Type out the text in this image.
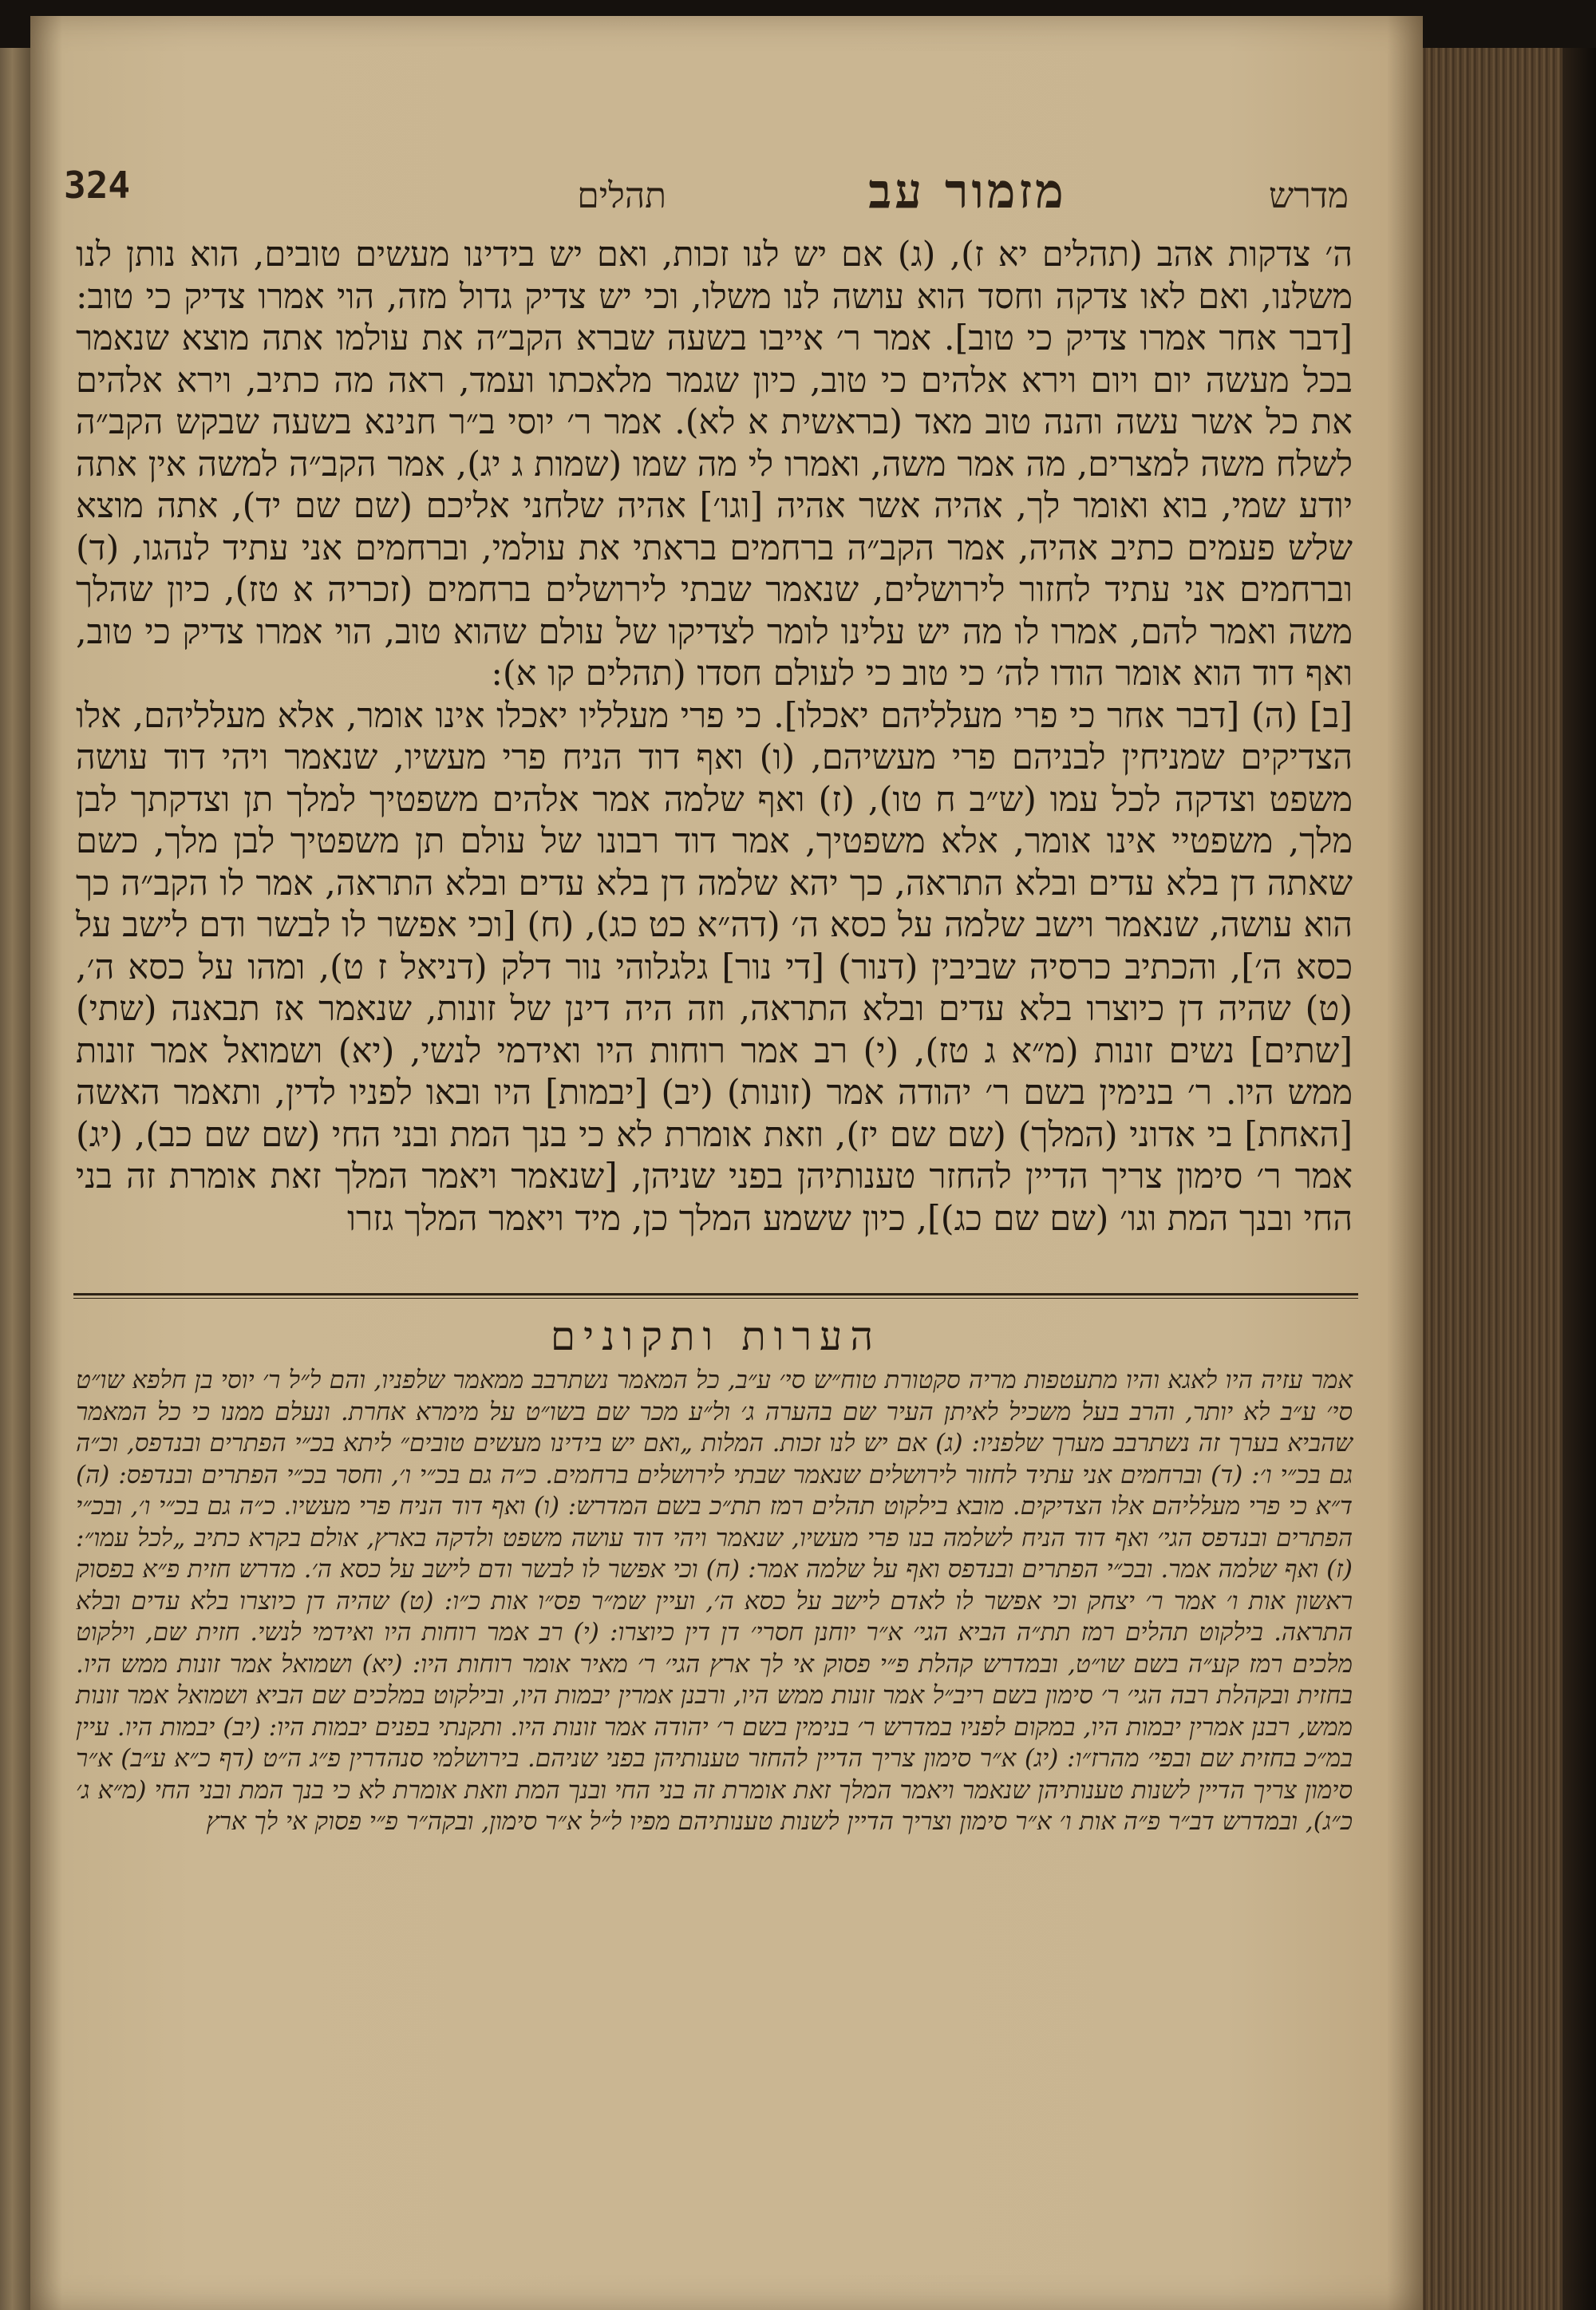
324	מדרש
מזמור עב
תהלים

ה׳ צדקות אהב (תהלים יא ז), (ג) אם יש לנו זכות, ואם יש בידינו מעשים טובים, הוא נותן לנו משלנו, ואם לאו צדקה וחסד הוא עושה לנו משלו, וכי יש צדיק גדול מזה, הוי אמרו צדיק כי טוב: [דבר אחר אמרו צדיק כי טוב]. אמר ר׳ אייבו בשעה שברא הקב״ה את עולמו אתה מוצא שנאמר בכל מעשה יום ויום וירא אלהים כי טוב, כיון שגמר מלאכתו ועמד, ראה מה כתיב, וירא אלהים את כל אשר עשה והנה טוב מאד (בראשית א לא). אמר ר׳ יוסי ב״ר חנינא בשעה שבקש הקב״ה לשלח משה למצרים, מה אמר משה, ואמרו לי מה שמו (שמות ג יג), אמר הקב״ה למשה אין אתה יודע שמי, בוא ואומר לך, אהיה אשר אהיה [וגו׳] אהיה שלחני אליכם (שם שם יד), אתה מוצא שלש פעמים כתיב אהיה, אמר הקב״ה ברחמים בראתי את עולמי, וברחמים אני עתיד לנהגו, (ד) וברחמים אני עתיד לחזור לירושלים, שנאמר שבתי לירושלים ברחמים (זכריה א טז), כיון שהלך משה ואמר להם, אמרו לו מה יש עלינו לומר לצדיקו של עולם שהוא טוב, הוי אמרו צדיק כי טוב, ואף דוד הוא אומר הודו לה׳ כי טוב כי לעולם חסדו (תהלים קו א):

[ב] (ה) [דבר אחר כי פרי מעלליהם יאכלו]. כי פרי מעלליו יאכלו אינו אומר, אלא מעלליהם, אלו הצדיקים שמניחין לבניהם פרי מעשיהם, (ו) ואף דוד הניח פרי מעשיו, שנאמר ויהי דוד עושה משפט וצדקה לכל עמו (ש״ב ח טו), (ז) ואף שלמה אמר אלהים משפטיך למלך תן וצדקתך לבן מלך, משפטיי אינו אומר, אלא משפטיך, אמר דוד רבונו של עולם תן משפטיך לבן מלך, כשם שאתה דן בלא עדים ובלא התראה, כך יהא שלמה דן בלא עדים ובלא התראה, אמר לו הקב״ה כך הוא עושה, שנאמר וישב שלמה על כסא ה׳ (דה״א כט כג), (ח) [וכי אפשר לו לבשר ודם לישב על כסא ה׳], והכתיב כרסיה שביבין (דנור) [די נור] גלגלוהי נור דלק (דניאל ז ט), ומהו על כסא ה׳, (ט) שהיה דן כיוצרו בלא עדים ובלא התראה, וזה היה דינן של זונות, שנאמר אז תבאנה (שתי) [שתים] נשים זונות (מ״א ג טז), (י) רב אמר רוחות היו ואידמי לנשי, (יא) ושמואל אמר זונות ממש היו. ר׳ בנימין בשם ר׳ יהודה אמר (זונות) (יב) [יבמות] היו ובאו לפניו לדין, ותאמר האשה [האחת] בי אדוני (המלך) (שם שם יז), וזאת אומרת לא כי בנך המת ובני החי (שם שם כב), (יג) אמר ר׳ סימון צריך הדיין להחזר טענותיהן בפני שניהן, [שנאמר ויאמר המלך זאת אומרת זה בני החי ובנך המת וגו׳ (שם שם כג)], כיון ששמע המלך כן, מיד ויאמר המלך גזרו

הערות ותקונים

אמר עזיה היו לאגא והיו מתעטפות מריה סקטורת טוח״ש סי׳ ע״ב, כל המאמר נשתרבב ממאמר שלפניו, והם ל״ל ר׳ יוסי בן חלפא שו״ט סי׳ ע״ב לא יותר, והרב בעל משכיל לאיתן העיר שם בהערה ג׳ ול״ע מכר שם בשו״ט על מימרא אחרת. ונעלם ממנו כי כל המאמר שהביא בערך זה נשתרבב מערך שלפניו: (ג) אם יש לנו זכות. המלות „ואם יש בידינו מעשים טובים״ ליתא בכ״י הפתרים ובנדפס, וכ״ה גם בכ״י ו׳: (ד) וברחמים אני עתיד לחזור לירושלים שנאמר שבתי לירושלים ברחמים. כ״ה גם בכ״י ו׳, וחסר בכ״י הפתרים ובנדפס: (ה) ד״א כי פרי מעלליהם אלו הצדיקים. מובא בילקוט תהלים רמז תת״כ בשם המדרש: (ו) ואף דוד הניח פרי מעשיו. כ״ה גם בכ״י ו׳, ובכ״י הפתרים ובנדפס הגי׳ ואף דוד הניח לשלמה בנו פרי מעשיו, שנאמר ויהי דוד עושה משפט ולדקה בארץ, אולם בקרא כתיב „לכל עמו״: (ז) ואף שלמה אמר. ובכ״י הפתרים ובנדפס ואף על שלמה אמר: (ח) וכי אפשר לו לבשר ודם לישב על כסא ה׳. מדרש חזית פ״א בפסוק ראשון אות ו׳ אמר ר׳ יצחק וכי אפשר לו לאדם לישב על כסא ה׳, ועיין שמ״ר פס״ו אות כ״ו: (ט) שהיה דן כיוצרו בלא עדים ובלא התראה. בילקוט תהלים רמז תת״ה הביא הגי׳ א״ר יוחנן חסרי׳ דן דין כיוצרו: (י) רב אמר רוחות היו ואידמי לנשי. חזית שם, וילקוט מלכים רמז קע״ה בשם שו״ט, ובמדרש קהלת פ״י פסוק אי לך ארץ הגי׳ ר׳ מאיר אומר רוחות היו: (יא) ושמואל אמר זונות ממש היו. בחזית ובקהלת רבה הגי׳ ר׳ סימון בשם ריב״ל אמר זונות ממש היו, ורבנן אמרין יבמות היו, ובילקוט במלכים שם הביא ושמואל אמר זונות ממש, רבנן אמרין יבמות היו, במקום לפניו במדרש ר׳ בנימין בשם ר׳ יהודה אמר זונות היו. ותקנתי בפנים יבמות היו: (יב) יבמות היו. עיין במ״כ בחזית שם ובפי׳ מהרז״ו: (יג) א״ר סימון צריך הדיין להחזר טענותיהן בפני שניהם. בירושלמי סנהדרין פ״ג ה״ט (דף כ״א ע״ב) א״ר סימון צריך הדיין לשנות טענותיהן שנאמר ויאמר המלך זאת אומרת זה בני החי ובנך המת וזאת אומרת לא כי בנך המת ובני החי (מ״א ג׳ כ״ג), ובמדרש דב״ר פ״ה אות ו׳ א״ר סימון וצריך הדיין לשנות טענותיהם מפיו ל״ל א״ר סימון, ובקה״ר פ״י פסוק אי לך ארץ
